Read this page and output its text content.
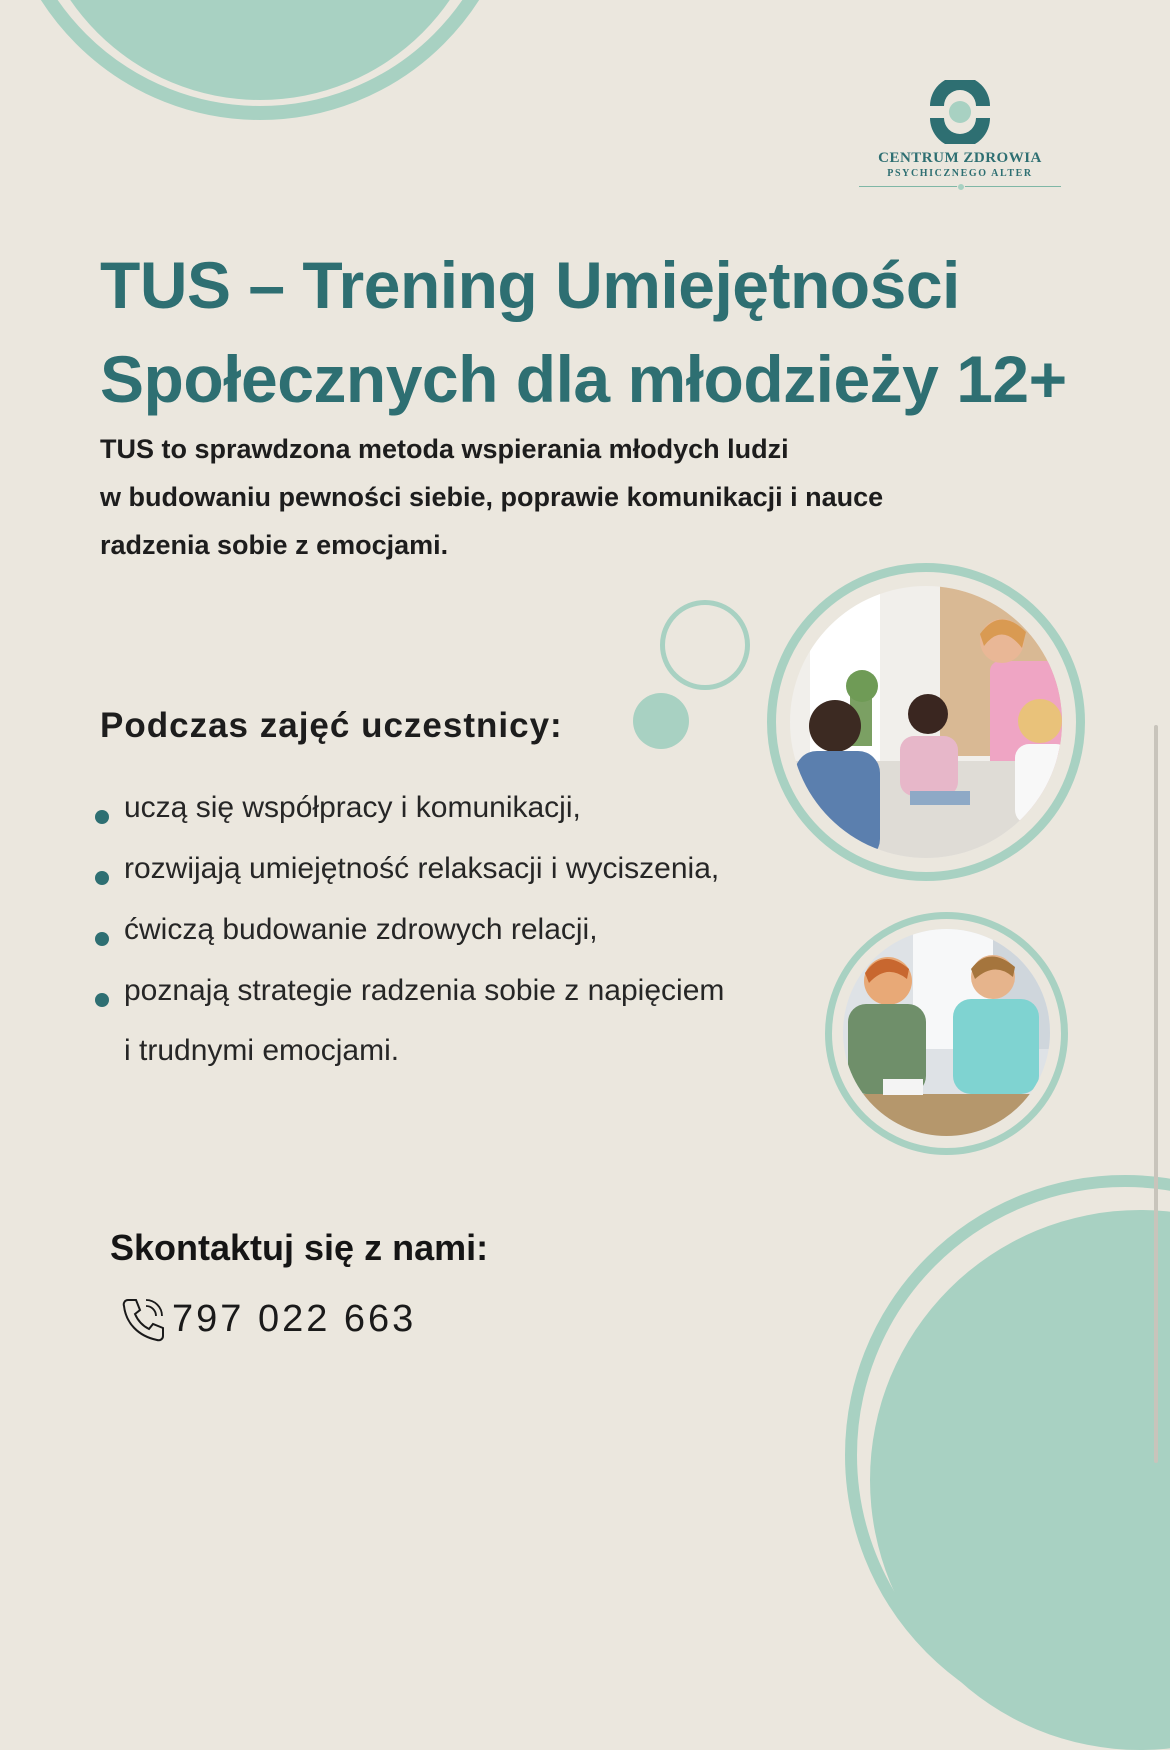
CENTRUM ZDROWIA
PSYCHICZNEGO ALTER
TUS – Trening Umiejętności
Społecznych dla młodzieży 12+

TUS to sprawdzona metoda wspierania młodych ludzi
w budowaniu pewności siebie, poprawie komunikacji i nauce
radzenia sobie z emocjami.

Podczas zajęć uczestnicy:
uczą się współpracy i komunikacji,
rozwijają umiejętność relaksacji i wyciszenia,
ćwiczą budowanie zdrowych relacji,
poznają strategie radzenia sobie z napięciem
i trudnymi emocjami.
Skontaktuj się z nami:
797 022 663
